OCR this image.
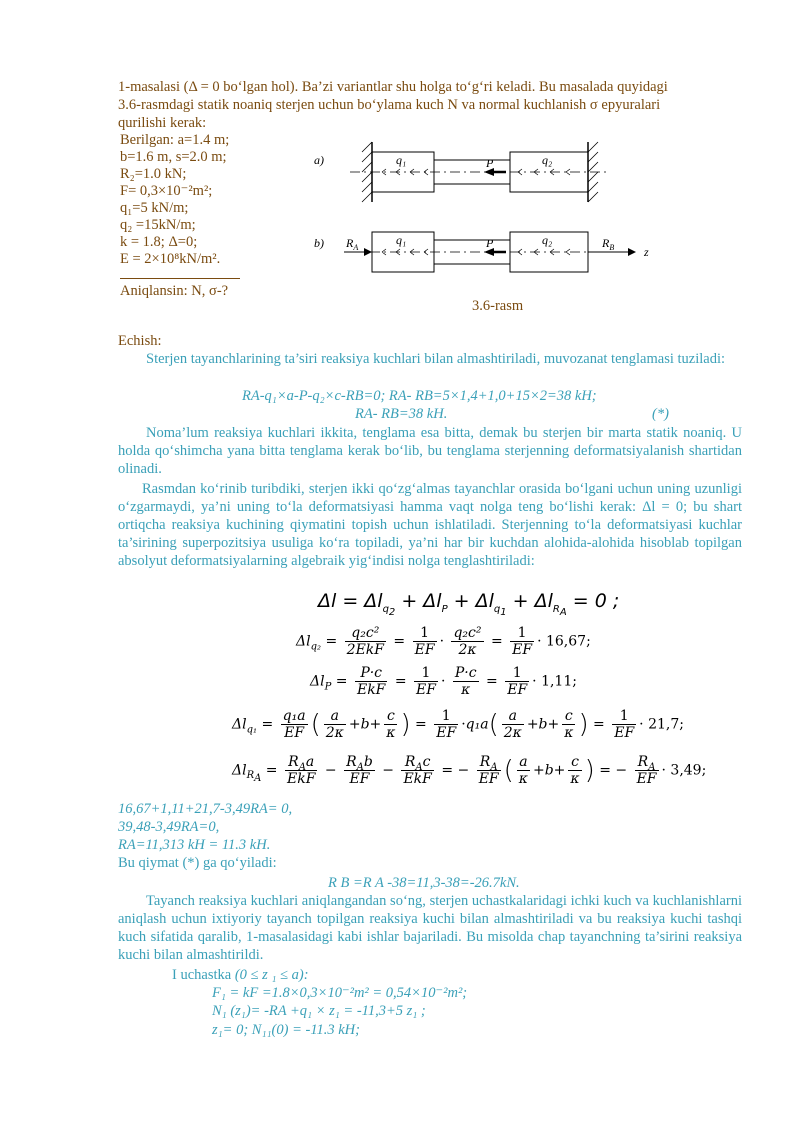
1-masalasi (Δ = 0 bo‘lgan hol). Ba’zi variantlar shu holga to‘g‘ri keladi. Bu masalada quyidagi
3.6-rasmdagi statik noaniq sterjen uchun bo‘ylama kuch N va normal kuchlanish σ epyuralari
qurilishi kerak:
Berilgan: a=1.4 m;
b=1.6 m, s=2.0 m;
R₂=1.0 kN;
F= 0,3×10⁻²m²;
q₁=5 kN/m;
q₂ =15kN/m;
k = 1.8; Δ=0;
E = 2×10⁸kN/m².
Aniqlansin: N, σ-?
a)	q₁	q₂
P
b) $R_A$
q₁	q₂
P	$R_B$ z
3.6-rasm
Echish:
Sterjen tayanchlarining ta’siri reaksiya kuchlari bilan almashtiriladi, muvozanat tenglamasi tuziladi:
RA-q₁×a-P-q₂×c-RB=0; RA- RB=5×1,4+1,0+15×2=38 kH;
RA- RB=38 kH.	(*)
Noma’lum reaksiya kuchlari ikkita, tenglama esa bitta, demak bu sterjen bir marta statik noaniq. U holda qo‘shimcha yana bitta tenglama kerak bo‘lib, bu tenglama sterjenning deformatsiyalanish shartidan olinadi.
Rasmdan ko‘rinib turibdiki, sterjen ikki qo‘zg‘almas tayanchlar orasida bo‘lgani uchun uning uzunligi o‘zgarmaydi, ya’ni uning to‘la deformatsiyasi hamma vaqt nolga teng bo‘lishi kerak: Δl = 0; bu shart ortiqcha reaksiya kuchining qiymatini topish uchun ishlatiladi. Sterjenning to‘la deformatsiyasi kuchlar ta’sirining superpozitsiya usuliga ko‘ra topiladi, ya’ni har bir kuchdan alohida-alohida hisoblab topilgan absolyut deformatsiyalarning algebraik yig‘indisi nolga tenglashtiriladi:
$\Delta l = \Delta l_{q_2} + \Delta l_P + \Delta l_{q_1} + \Delta l_{R_A} = 0$ ;
$\Delta l_{q_2} = \frac{\text{q₂c²}}{\text{2EkF}} = \frac{1}{EF} \cdot \frac{\text{q₂c²}}{2\kappa} = \frac{1}{EF} \cdot 16,67$;
$\Delta l_P = \frac{P\cdot c}{\text{EkF}} = \frac{1}{EF} \cdot \frac{P\cdot c}{\kappa} = \frac{1}{EF} \cdot 1,11$;
$\Delta l_{q_1} = \frac{\text{q₁a}}{EF}$ ( $\frac{a}{2\kappa} +b+ \frac{c}{\kappa}$ ) = $\frac{1}{EF} \cdot q_1a( \frac{a}{2\kappa} +b+ \frac{c}{\kappa}$ ) = $\frac{1}{EF} \cdot 21,7$;
$\Delta l_{R_A} = \frac{R_Aa}{\text{EkF}} - \frac{R_Ab}{EF} - \frac{R_Ac}{\text{EkF}}$ = − $\frac{R_A}{EF}$ ( $\frac{a}{\kappa} +b+ \frac{c}{\kappa}$ ) = − $\frac{R_A}{EF} \cdot 3,49$;
16,67+1,11+21,7-3,49RA= 0,
39,48-3,49RA=0,
RA=11,313 kH = 11.3 kH.
Bu qiymat (*) ga qo‘yiladi:
R B =R A -38=11,3-38=-26.7kN.
Tayanch reaksiya kuchlari aniqlangandan so‘ng, sterjen uchastkalaridagi ichki kuch va kuchlanishlarni aniqlash uchun ixtiyoriy tayanch topilgan reaksiya kuchi bilan almashtiriladi va bu reaksiya kuchi tashqi kuch sifatida qaralib, 1-masalasidagi kabi ishlar bajariladi. Bu misolda chap tayanchning ta’sirini reaksiya kuchi bilan almashtirildi.
I uchastka (0 ≤ z ₁ ≤ a):
F₁ = kF =1.8×0,3×10⁻²m² = 0,54×10⁻²m²;
N₁ (z₁)= -RA +q₁ × z₁ = -11,3+5 z₁ ;
z₁= 0; N₁₁(0) = -11.3 kH;
